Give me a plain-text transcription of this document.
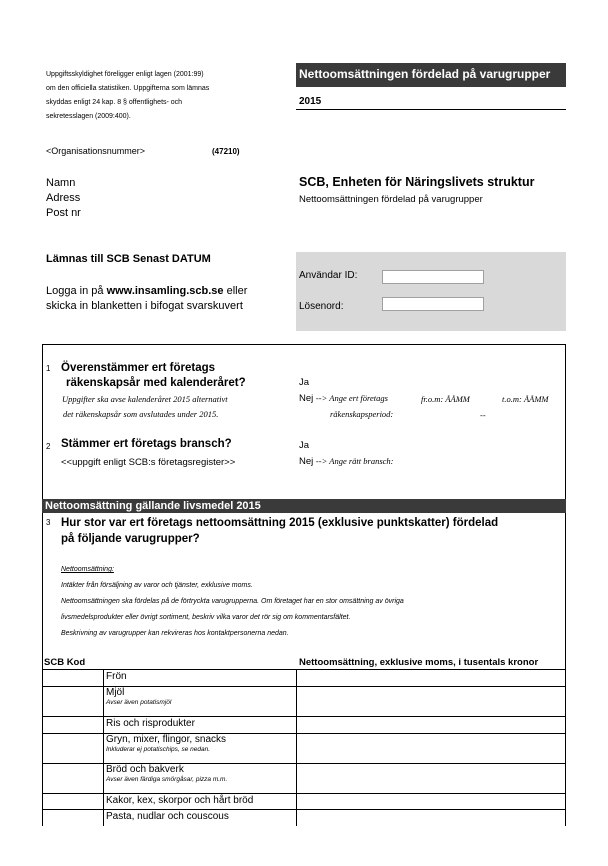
Uppgiftsskyldighet föreligger enligt lagen (2001:99)
om den officiella statistiken. Uppgifterna som lämnas
skyddas enligt 24 kap. 8 § offentlighets- och
sekretesslagen (2009:400).
<Organisationsnummer>	(47210)
Nettoomsättningen fördelad på varugrupper
2015
Namn
Adress
Post nr
SCB, Enheten för Näringslivets struktur
Nettoomsättningen fördelad på varugrupper
Lämnas till SCB Senast DATUM
Logga in på www.insamling.scb.se eller
skicka in blanketten i bifogat svarskuvert
Användar ID:
Lösenord:
1 Överenstämmer ert företags
räkenskapsår med kalenderåret?
Uppgifter ska avse kalenderåret 2015 alternativt
det räkenskapsår som avslutades under 2015.
Ja
Nej --> Ange ert företags	fr.o.m: ÅÅMM	t.o.m: ÅÅMM
räkenskapsperiod:	--
2 Stämmer ert företags bransch?
<<uppgift enligt SCB:s företagsregister>>
Ja
Nej --> Ange rätt bransch:
Nettoomsättning gällande livsmedel 2015
3 Hur stor var ert företags nettoomsättning 2015 (exklusive punktskatter) fördelad
på följande varugrupper?
Nettoomsättning:
Intäkter från försäljning av varor och tjänster, exklusive moms.
Nettoomsättningen ska fördelas på de förtryckta varugrupperna. Om företaget har en stor omsättning av övriga
livsmedelsprodukter eller övrigt sortiment, beskriv vilka varor det rör sig om kommentarsfältet.
Beskrivning av varugrupper kan rekvireras hos kontaktpersonerna nedan.
SCB Kod	Nettoomsättning, exklusive moms, i tusentals kronor
Frön
Mjöl
Avser även potatismjöl
Ris och risprodukter
Gryn, mixer, flingor, snacks
Inkluderar ej potatischips, se nedan.
Bröd och bakverk
Avser även färdiga smörgåsar, pizza m.m.
Kakor, kex, skorpor och hårt bröd
Pasta, nudlar och couscous
